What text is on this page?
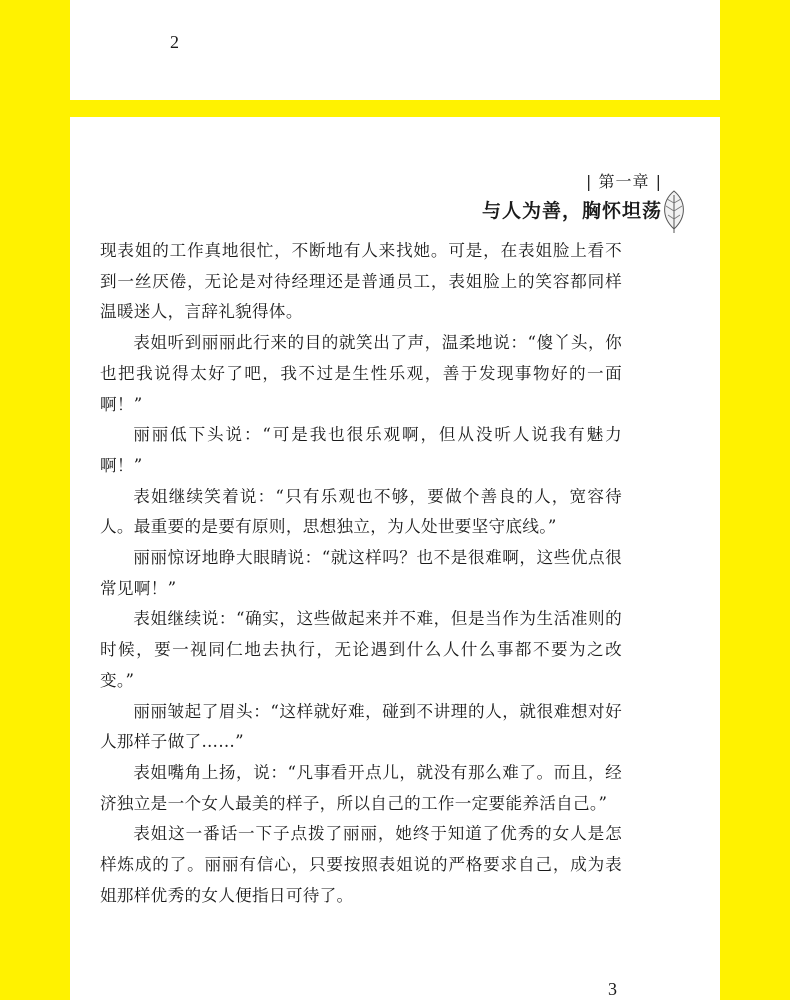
2
| 第一章 |
与人为善，胸怀坦荡
3

现表姐的工作真地很忙，不断地有人来找她。可是，在表姐脸上看不到一丝厌倦，无论是对待经理还是普通员工，表姐脸上的笑容都同样温暖迷人，言辞礼貌得体。

表姐听到丽丽此行来的目的就笑出了声，温柔地说：“傻丫头，你也把我说得太好了吧，我不过是生性乐观，善于发现事物好的一面啊！”

丽丽低下头说：“可是我也很乐观啊，但从没听人说我有魅力啊！”

表姐继续笑着说：“只有乐观也不够，要做个善良的人，宽容待人。最重要的是要有原则，思想独立，为人处世要坚守底线。”

丽丽惊讶地睁大眼睛说：“就这样吗？也不是很难啊，这些优点很常见啊！”

表姐继续说：“确实，这些做起来并不难，但是当作为生活准则的时候，要一视同仁地去执行，无论遇到什么人什么事都不要为之改变。”

丽丽皱起了眉头：“这样就好难，碰到不讲理的人，就很难想对好人那样子做了……”

表姐嘴角上扬，说：“凡事看开点儿，就没有那么难了。而且，经济独立是一个女人最美的样子，所以自己的工作一定要能养活自己。”

表姐这一番话一下子点拨了丽丽，她终于知道了优秀的女人是怎样炼成的了。丽丽有信心，只要按照表姐说的严格要求自己，成为表姐那样优秀的女人便指日可待了。
